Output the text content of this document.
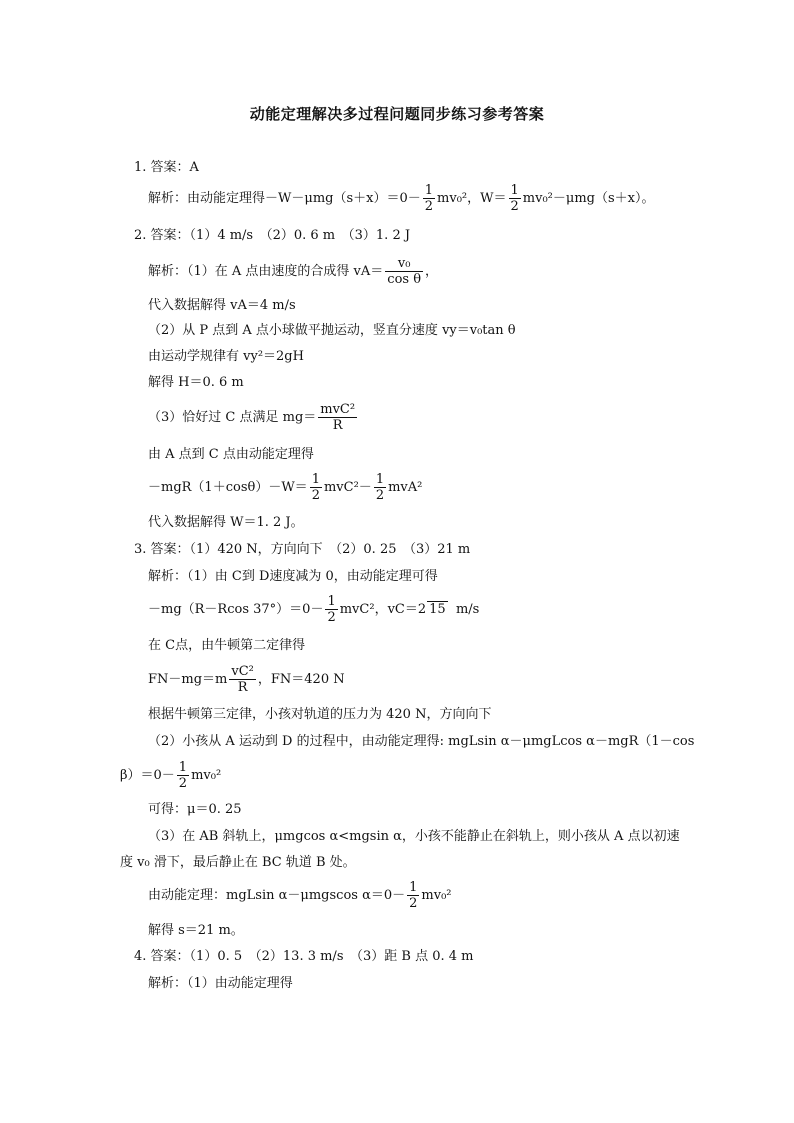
动能定理解决多过程问题同步练习参考答案
1. 答案：A
解析：由动能定理得$-W-\mu mg(s+x)=0- \frac{1}{2} mv_0^2$，$W= \frac{1}{2} mv_0^2-\mu mg(s+x)$。
2. 答案：（1）4 m/s　（2）0. 6 m　（3）1. 2 J
解析：（1）在 A 点由速度的合成得 $vA= \frac{\text{v₀}}{\text{cos θ}}$ ，
代入数据解得 vA＝4 m/s
（2）从 P 点到 A 点小球做平抛运动，竖直分速度 vy＝v₀tan θ
由运动学规律有 vy²＝2gH
解得 H＝0. 6 m
（3）恰好过 C 点满足 $mg= \frac{\text{mvC²}}{R}$
由 A 点到 C 点由动能定理得
$-mgR(1+\cos\theta)-W= \frac{1}{2} mvC^2- \frac{1}{2} mvA^2$
代入数据解得 W＝1. 2 J。
3. 答案：（1）420 N，方向向下　（2）0. 25　（3）21 m
解析：（1）由 C到 D速度减为 0，由动能定理可得
－mg（R－Rcos $37^\circ)=0- \frac{1}{2} mvC^2$，vC＝2 15 m/s
在 C点，由牛顿第二定律得
$FN-mg=m \frac{\text{vC²}}{R}$ ，FN＝420 N
根据牛顿第三定律，小孩对轨道的压力为 420 N，方向向下
（2）小孩从 A 运动到 D 的过程中，由动能定理得: mgLsin α－μmgLcos α－mgR（1－cos
$\beta)=0- \frac{1}{2} mv_0^2$
可得：μ＝0. 25
（3）在 AB 斜轨上，μmgcos α<mgsin α，小孩不能静止在斜轨上，则小孩从 A 点以初速
度 v₀ 滑下，最后静止在 BC 轨道 B 处。
由动能定理：mgLsin α－μmgscos $\alpha=0- \frac{1}{2} mv_0^2$
解得 s＝21 m。
4. 答案：（1）0. 5　（2）13. 3 m/s　（3）距 B 点 0. 4 m
解析：（1）由动能定理得
